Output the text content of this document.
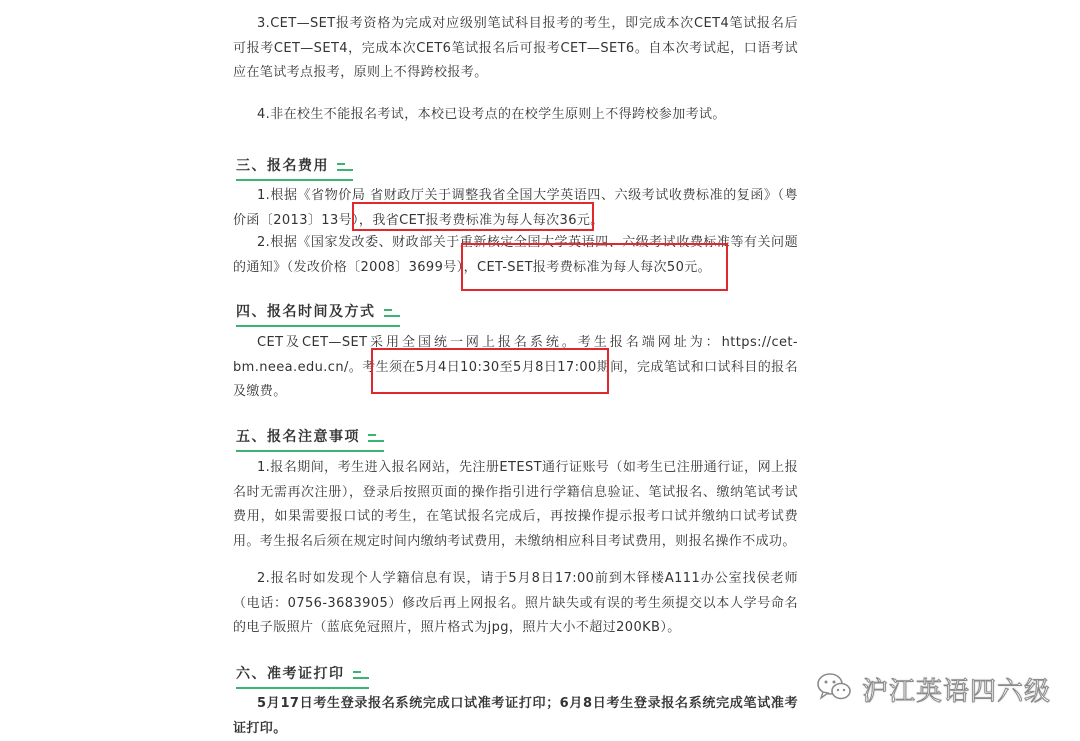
3.CET—SET报考资格为完成对应级别笔试科目报考的考生，即完成本次CET4笔试报名后可报考CET—SET4，完成本次CET6笔试报名后可报考CET—SET6。自本次考试起，口语考试应在笔试考点报考，原则上不得跨校报考。

4.非在校生不能报名考试，本校已设考点的在校学生原则上不得跨校参加考试。

三、报名费用

1.根据《省物价局 省财政厅关于调整我省全国大学英语四、六级考试收费标准的复函》（粤价函〔2013〕13号），我省CET报考费标准为每人每次36元。

2.根据《国家发改委、财政部关于重新核定全国大学英语四、六级考试收费标准等有关问题的通知》（发改价格〔2008〕3699号），CET-SET报考费标准为每人每次50元。

四、报名时间及方式

CET及CET—SET采用全国统一网上报名系统。考生报名端网址为：https://cet-bm.neea.edu.cn/。考生须在5月4日10:30至5月8日17:00期间，完成笔试和口试科目的报名及缴费。

五、报名注意事项

1.报名期间，考生进入报名网站，先注册ETEST通行证账号（如考生已注册通行证，网上报名时无需再次注册），登录后按照页面的操作指引进行学籍信息验证、笔试报名、缴纳笔试考试费用，如果需要报口试的考生，在笔试报名完成后，再按操作提示报考口试并缴纳口试考试费用。考生报名后须在规定时间内缴纳考试费用，未缴纳相应科目考试费用，则报名操作不成功。

2.报名时如发现个人学籍信息有误，请于5月8日17:00前到木铎楼A111办公室找侯老师（电话：0756-3683905）修改后再上网报名。照片缺失或有误的考生须提交以本人学号命名的电子版照片（蓝底免冠照片，照片格式为jpg，照片大小不超过200KB）。

六、准考证打印

5月17日考生登录报名系统完成口试准考证打印；6月8日考生登录报名系统完成笔试准考证打印。

沪江英语四六级
